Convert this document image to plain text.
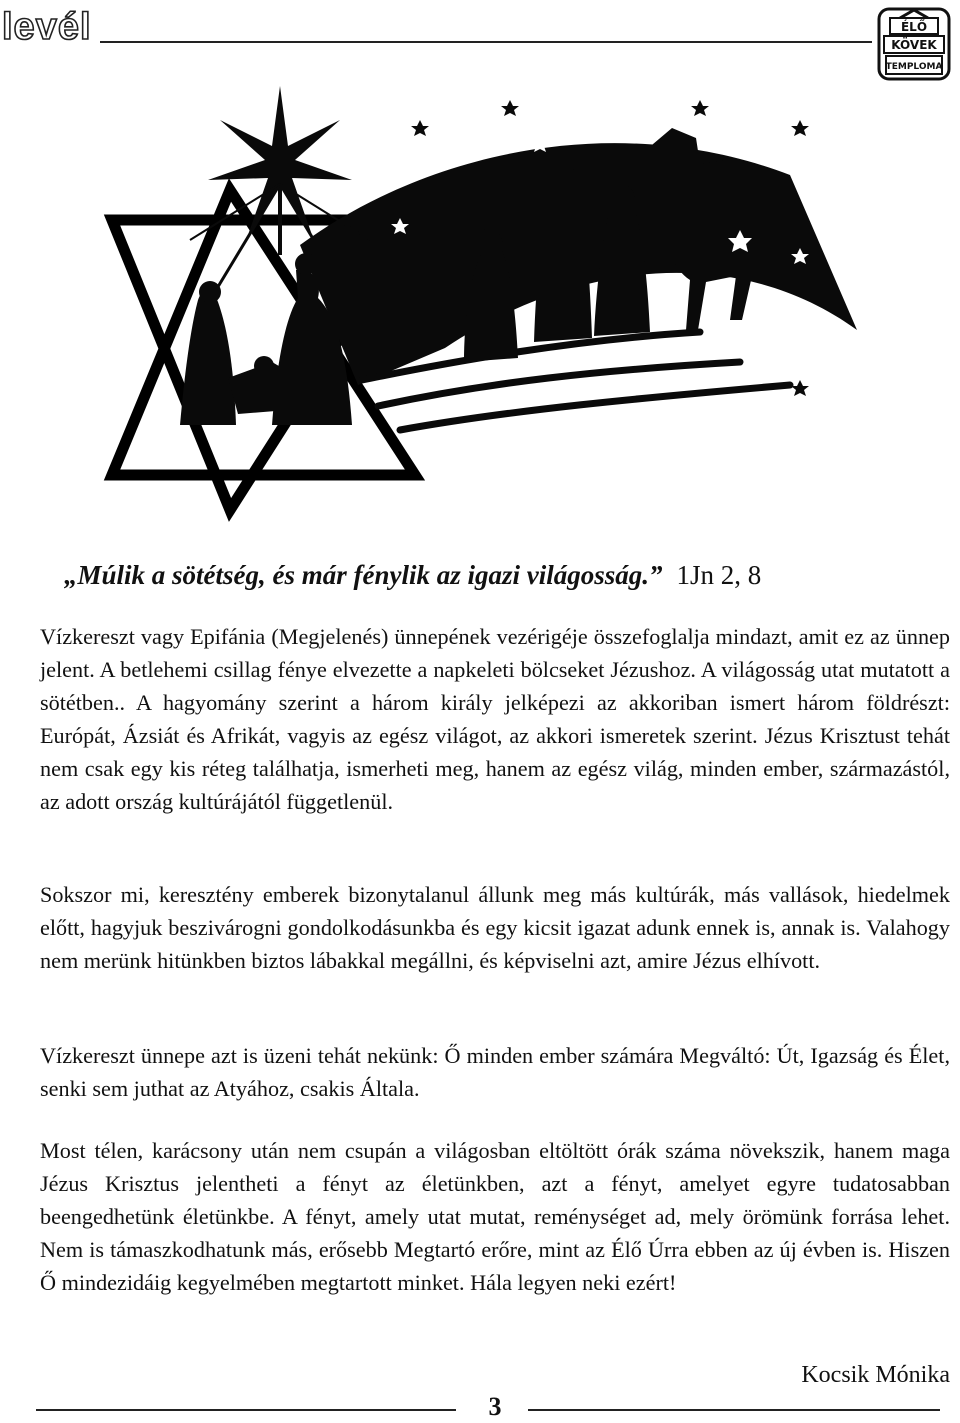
levél	ÉLŐ
KÖVEK
TEMPLOMA
„Múlik a sötétség, és már fénylik az igazi világosság.” 1Jn 2, 8

Vízkereszt vagy Epifánia (Megjelenés) ünnepének vezérigéje összefoglalja mindazt, amit ez az ünnep jelent. A betlehemi csillag fénye elvezette a napkeleti bölcseket Jézushoz. A világosság utat mutatott a sötétben.. A hagyomány szerint a három király jelképezi az akkoriban ismert három földrészt: Európát, Ázsiát és Afrikát, vagyis az egész világot, az akkori ismeretek szerint. Jézus Krisztust tehát nem csak egy kis réteg találhatja, ismerheti meg, hanem az egész világ, minden ember, származástól, az adott ország kultúrájától függetlenül.

Sokszor mi, keresztény emberek bizonytalanul állunk meg más kultúrák, más vallások, hiedelmek előtt, hagyjuk beszivárogni gondolkodásunkba és egy kicsit igazat adunk ennek is, annak is. Valahogy nem merünk hitünkben biztos lábakkal megállni, és képviselni azt, amire Jézus elhívott.

Vízkereszt ünnepe azt is üzeni tehát nekünk: Ő minden ember számára Megváltó: Út, Igazság és Élet, senki sem juthat az Atyához, csakis Általa.

Most télen, karácsony után nem csupán a világosban eltöltött órák száma növekszik, hanem maga Jézus Krisztus jelentheti a fényt az életünkben, azt a fényt, amelyet egyre tudatosabban beengedhetünk életünkbe. A fényt, amely utat mutat, reménységet ad, mely örömünk forrása lehet. Nem is támaszkodhatunk más, erősebb Megtartó erőre, mint az Élő Úrra ebben az új évben is. Hiszen Ő mindezidáig kegyelmében megtartott minket. Hála legyen neki ezért!

Kocsik Mónika
3
